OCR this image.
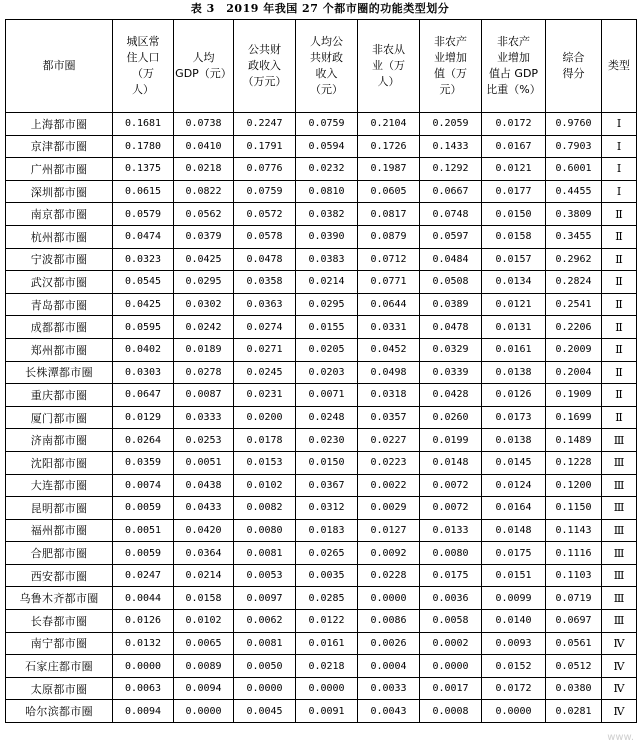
表 3　2019 年我国 27 个都市圈的功能类型划分
都市圈	城区常
住人口
（万
人）	人均
GDP（元）	公共财
政收入
（万元）	人均公
共财政
收入
（元）	非农从
业（万
人）	非农产
业增加
值（万
元）	非农产
业增加
值占 GDP
比重（%）	综合
得分	类型

上海都市圈	0.1681	0.0738	0.2247	0.0759	0.2104	0.2059	0.0172	0.9760	Ⅰ
京津都市圈	0.1780	0.0410	0.1791	0.0594	0.1726	0.1433	0.0167	0.7903	Ⅰ
广州都市圈	0.1375	0.0218	0.0776	0.0232	0.1987	0.1292	0.0121	0.6001	Ⅰ
深圳都市圈	0.0615	0.0822	0.0759	0.0810	0.0605	0.0667	0.0177	0.4455	Ⅰ
南京都市圈	0.0579	0.0562	0.0572	0.0382	0.0817	0.0748	0.0150	0.3809	Ⅱ
杭州都市圈	0.0474	0.0379	0.0578	0.0390	0.0879	0.0597	0.0158	0.3455	Ⅱ
宁波都市圈	0.0323	0.0425	0.0478	0.0383	0.0712	0.0484	0.0157	0.2962	Ⅱ
武汉都市圈	0.0545	0.0295	0.0358	0.0214	0.0771	0.0508	0.0134	0.2824	Ⅱ
青岛都市圈	0.0425	0.0302	0.0363	0.0295	0.0644	0.0389	0.0121	0.2541	Ⅱ
成都都市圈	0.0595	0.0242	0.0274	0.0155	0.0331	0.0478	0.0131	0.2206	Ⅱ
郑州都市圈	0.0402	0.0189	0.0271	0.0205	0.0452	0.0329	0.0161	0.2009	Ⅱ
长株潭都市圈	0.0303	0.0278	0.0245	0.0203	0.0498	0.0339	0.0138	0.2004	Ⅱ
重庆都市圈	0.0647	0.0087	0.0231	0.0071	0.0318	0.0428	0.0126	0.1909	Ⅱ
厦门都市圈	0.0129	0.0333	0.0200	0.0248	0.0357	0.0260	0.0173	0.1699	Ⅱ
济南都市圈	0.0264	0.0253	0.0178	0.0230	0.0227	0.0199	0.0138	0.1489	Ⅲ
沈阳都市圈	0.0359	0.0051	0.0153	0.0150	0.0223	0.0148	0.0145	0.1228	Ⅲ
大连都市圈	0.0074	0.0438	0.0102	0.0367	0.0022	0.0072	0.0124	0.1200	Ⅲ
昆明都市圈	0.0059	0.0433	0.0082	0.0312	0.0029	0.0072	0.0164	0.1150	Ⅲ
福州都市圈	0.0051	0.0420	0.0080	0.0183	0.0127	0.0133	0.0148	0.1143	Ⅲ
合肥都市圈	0.0059	0.0364	0.0081	0.0265	0.0092	0.0080	0.0175	0.1116	Ⅲ
西安都市圈	0.0247	0.0214	0.0053	0.0035	0.0228	0.0175	0.0151	0.1103	Ⅲ
乌鲁木齐都市圈	0.0044	0.0158	0.0097	0.0285	0.0000	0.0036	0.0099	0.0719	Ⅲ
长春都市圈	0.0126	0.0102	0.0062	0.0122	0.0086	0.0058	0.0140	0.0697	Ⅲ
南宁都市圈	0.0132	0.0065	0.0081	0.0161	0.0026	0.0002	0.0093	0.0561	Ⅳ
石家庄都市圈	0.0000	0.0089	0.0050	0.0218	0.0004	0.0000	0.0152	0.0512	Ⅳ
太原都市圈	0.0063	0.0094	0.0000	0.0000	0.0033	0.0017	0.0172	0.0380	Ⅳ
哈尔滨都市圈	0.0094	0.0000	0.0045	0.0091	0.0043	0.0008	0.0000	0.0281	Ⅳ
www.
